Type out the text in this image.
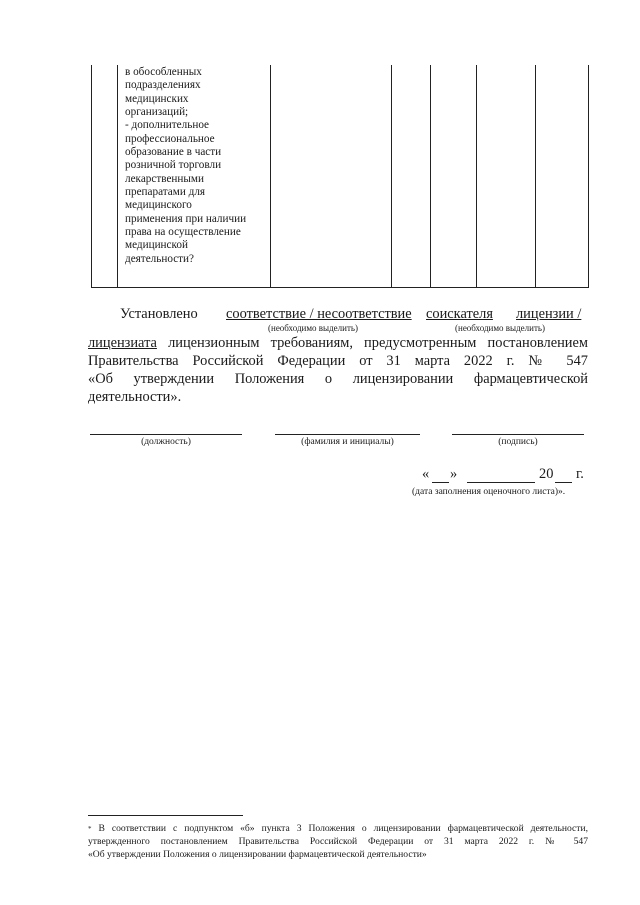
в обособленных
подразделениях
медицинских
организаций;
- дополнительное
профессиональное
образование в части
розничной торговли
лекарственными
препаратами для
медицинского
применения при наличии
права на осуществление
медицинской
деятельности?
Установлено соответствие / несоответствие соискателя лицензии /
(необходимо выделить)	(необходимо выделить)
лицензиата лицензионным требованиям, предусмотренным постановлением
Правительства Российской Федерации от 31 марта 2022 г. № 547
«Об утверждении Положения о лицензировании фармацевтической
деятельности».
(должность)	(фамилия и инициалы)	(подпись)
« »	20 г.
(дата заполнения оценочного листа)».
* В соответствии с подпунктом «б» пункта 3 Положения о лицензировании фармацевтической деятельности,
утвержденного постановлением Правительства Российской Федерации от 31 марта 2022 г. № 547
«Об утверждении Положения о лицензировании фармацевтической деятельности»
